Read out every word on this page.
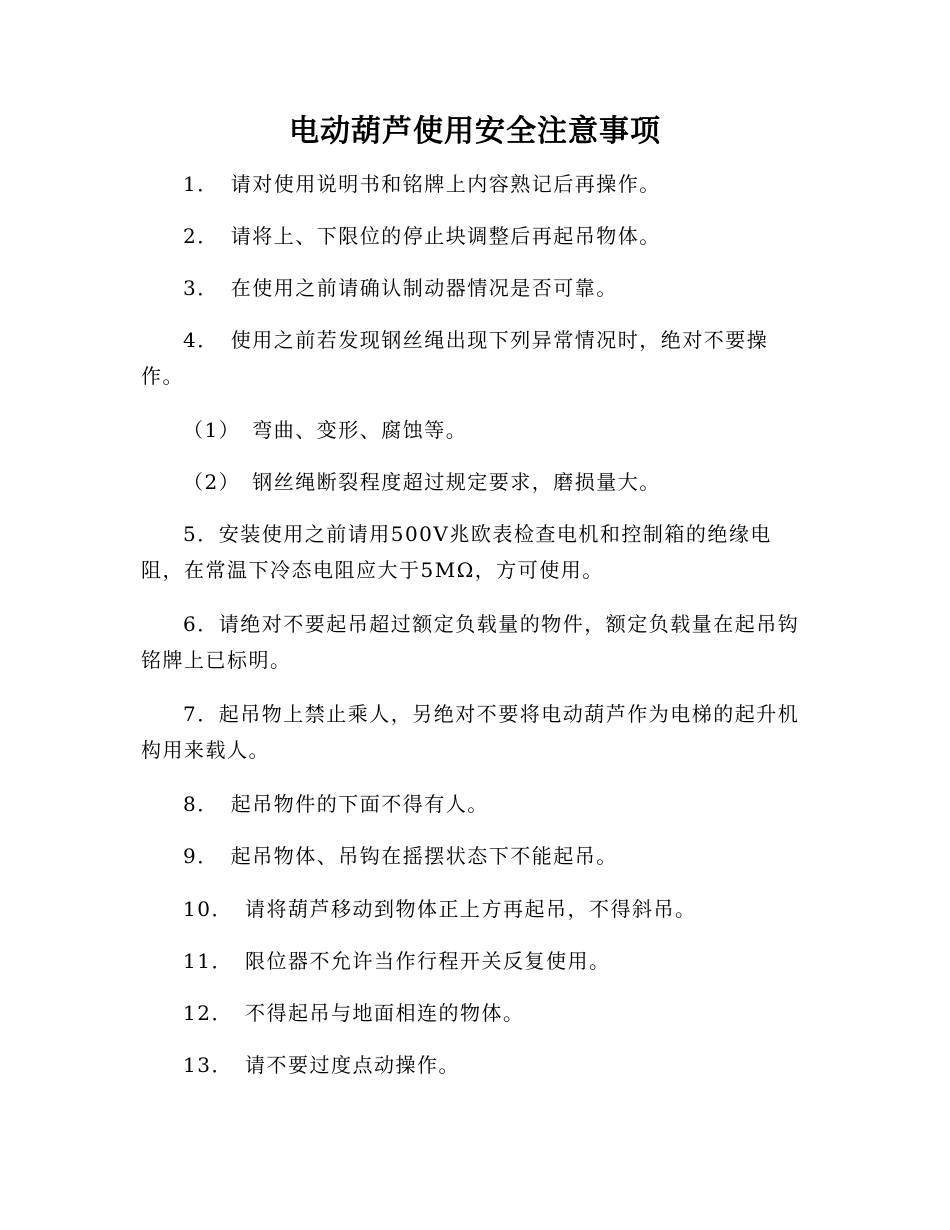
电动葫芦使用安全注意事项
1． 请对使用说明书和铭牌上内容熟记后再操作。
2． 请将上、下限位的停止块调整后再起吊物体。
3． 在使用之前请确认制动器情况是否可靠。
4． 使用之前若发现钢丝绳出现下列异常情况时，绝对不要操
作。
（1） 弯曲、变形、腐蚀等。
（2） 钢丝绳断裂程度超过规定要求，磨损量大。
5．安装使用之前请用500V兆欧表检查电机和控制箱的绝缘电
阻，在常温下冷态电阻应大于5MΩ，方可使用。
6．请绝对不要起吊超过额定负载量的物件，额定负载量在起吊钩
铭牌上已标明。
7．起吊物上禁止乘人，另绝对不要将电动葫芦作为电梯的起升机
构用来载人。
8． 起吊物件的下面不得有人。
9． 起吊物体、吊钩在摇摆状态下不能起吊。
10． 请将葫芦移动到物体正上方再起吊，不得斜吊。
11． 限位器不允许当作行程开关反复使用。
12． 不得起吊与地面相连的物体。
13． 请不要过度点动操作。
